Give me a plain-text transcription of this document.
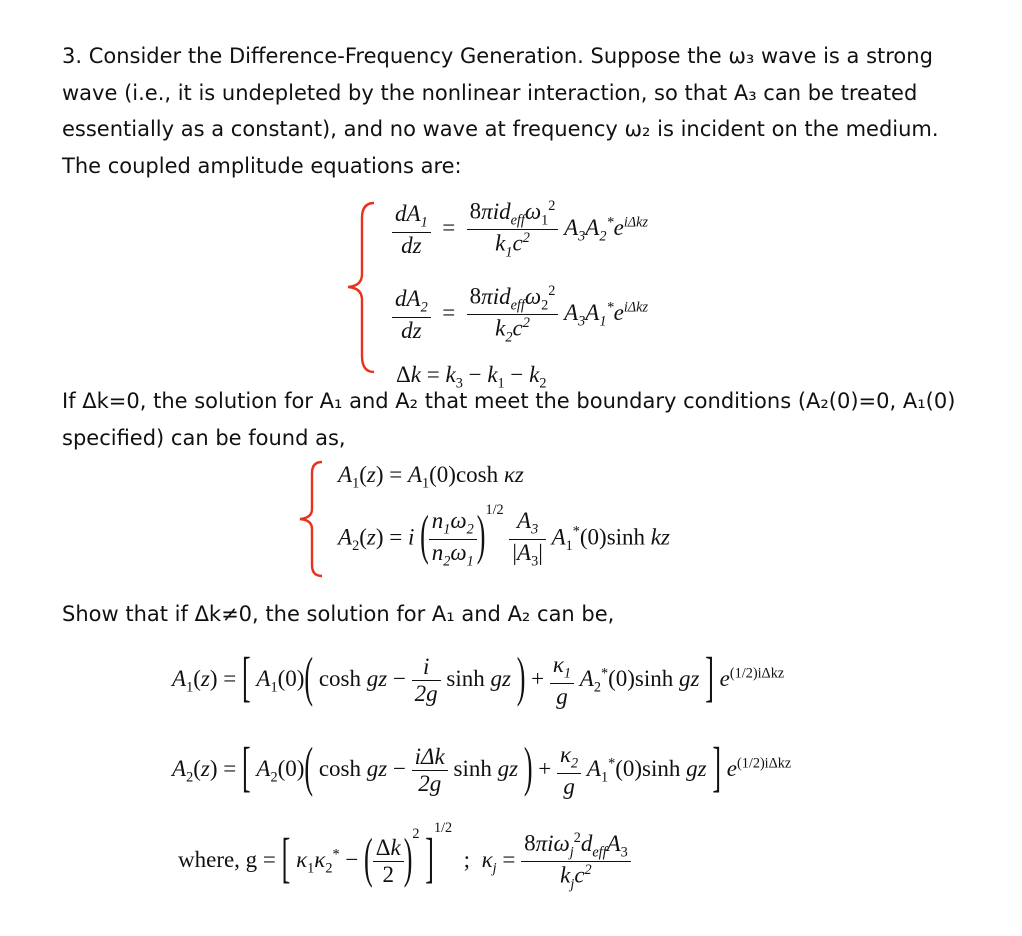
3. Consider the Difference-Frequency Generation. Suppose the ω₃ wave is a strong
wave (i.e., it is undepleted by the nonlinear interaction, so that A₃ can be treated
essentially as a constant), and no wave at frequency ω₂ is incident on the medium.
The coupled amplitude equations are:
$\frac{dA_1}{dz} = \frac{8\pi id_{eff}\omega_1^2}{k_1c^2} A_3A_2^*e^{i\Delta kz}$
$\frac{dA_2}{dz} = \frac{8\pi id_{eff}\omega_2^2}{k_2c^2} A_3A_1^*e^{i\Delta kz}$
$\Delta k = k_3 - k_1 - k_2$
If Δk=0, the solution for A₁ and A₂ that meet the boundary conditions (A₂(0)=0, A₁(0)
specified) can be found as,
$A_1(z) = A_1(0)\cosh$ κz
$A_2(z) = i$ ( $\frac{n_1\omega_2}{n_2\omega_1} )^{1/2} \frac{A_3}{|A_3|} A_1^*(0)\sinh$ kz
Show that if Δk≠0, the solution for A₁ and A₂ can be,
$A_1(z)$ = [ $A_1(0)$( cosh gz − $\frac{i}{2g}$ sinh gz ) + $\frac{\kappa_1}{g} A_2^*(0)\sinh$ gz ] $e^{(1/2)i\Delta kz}$
$A_2(z)$ = [ $A_2(0)$( cosh gz − $\frac{\text{iΔk}}{2g}$ sinh gz ) + $\frac{\kappa_2}{g} A_1^*(0)\sinh$ gz ] $e^{(1/2)i\Delta kz}$
where, g = [ $\kappa_1\kappa_2^*$ − ( $\frac{\Delta k}{2} )^2$ ]$^{1/2}$  ; $\kappa_j = \frac{8\pi i\omega_j^2d_{eff}A_3}{k_jc^2}$
